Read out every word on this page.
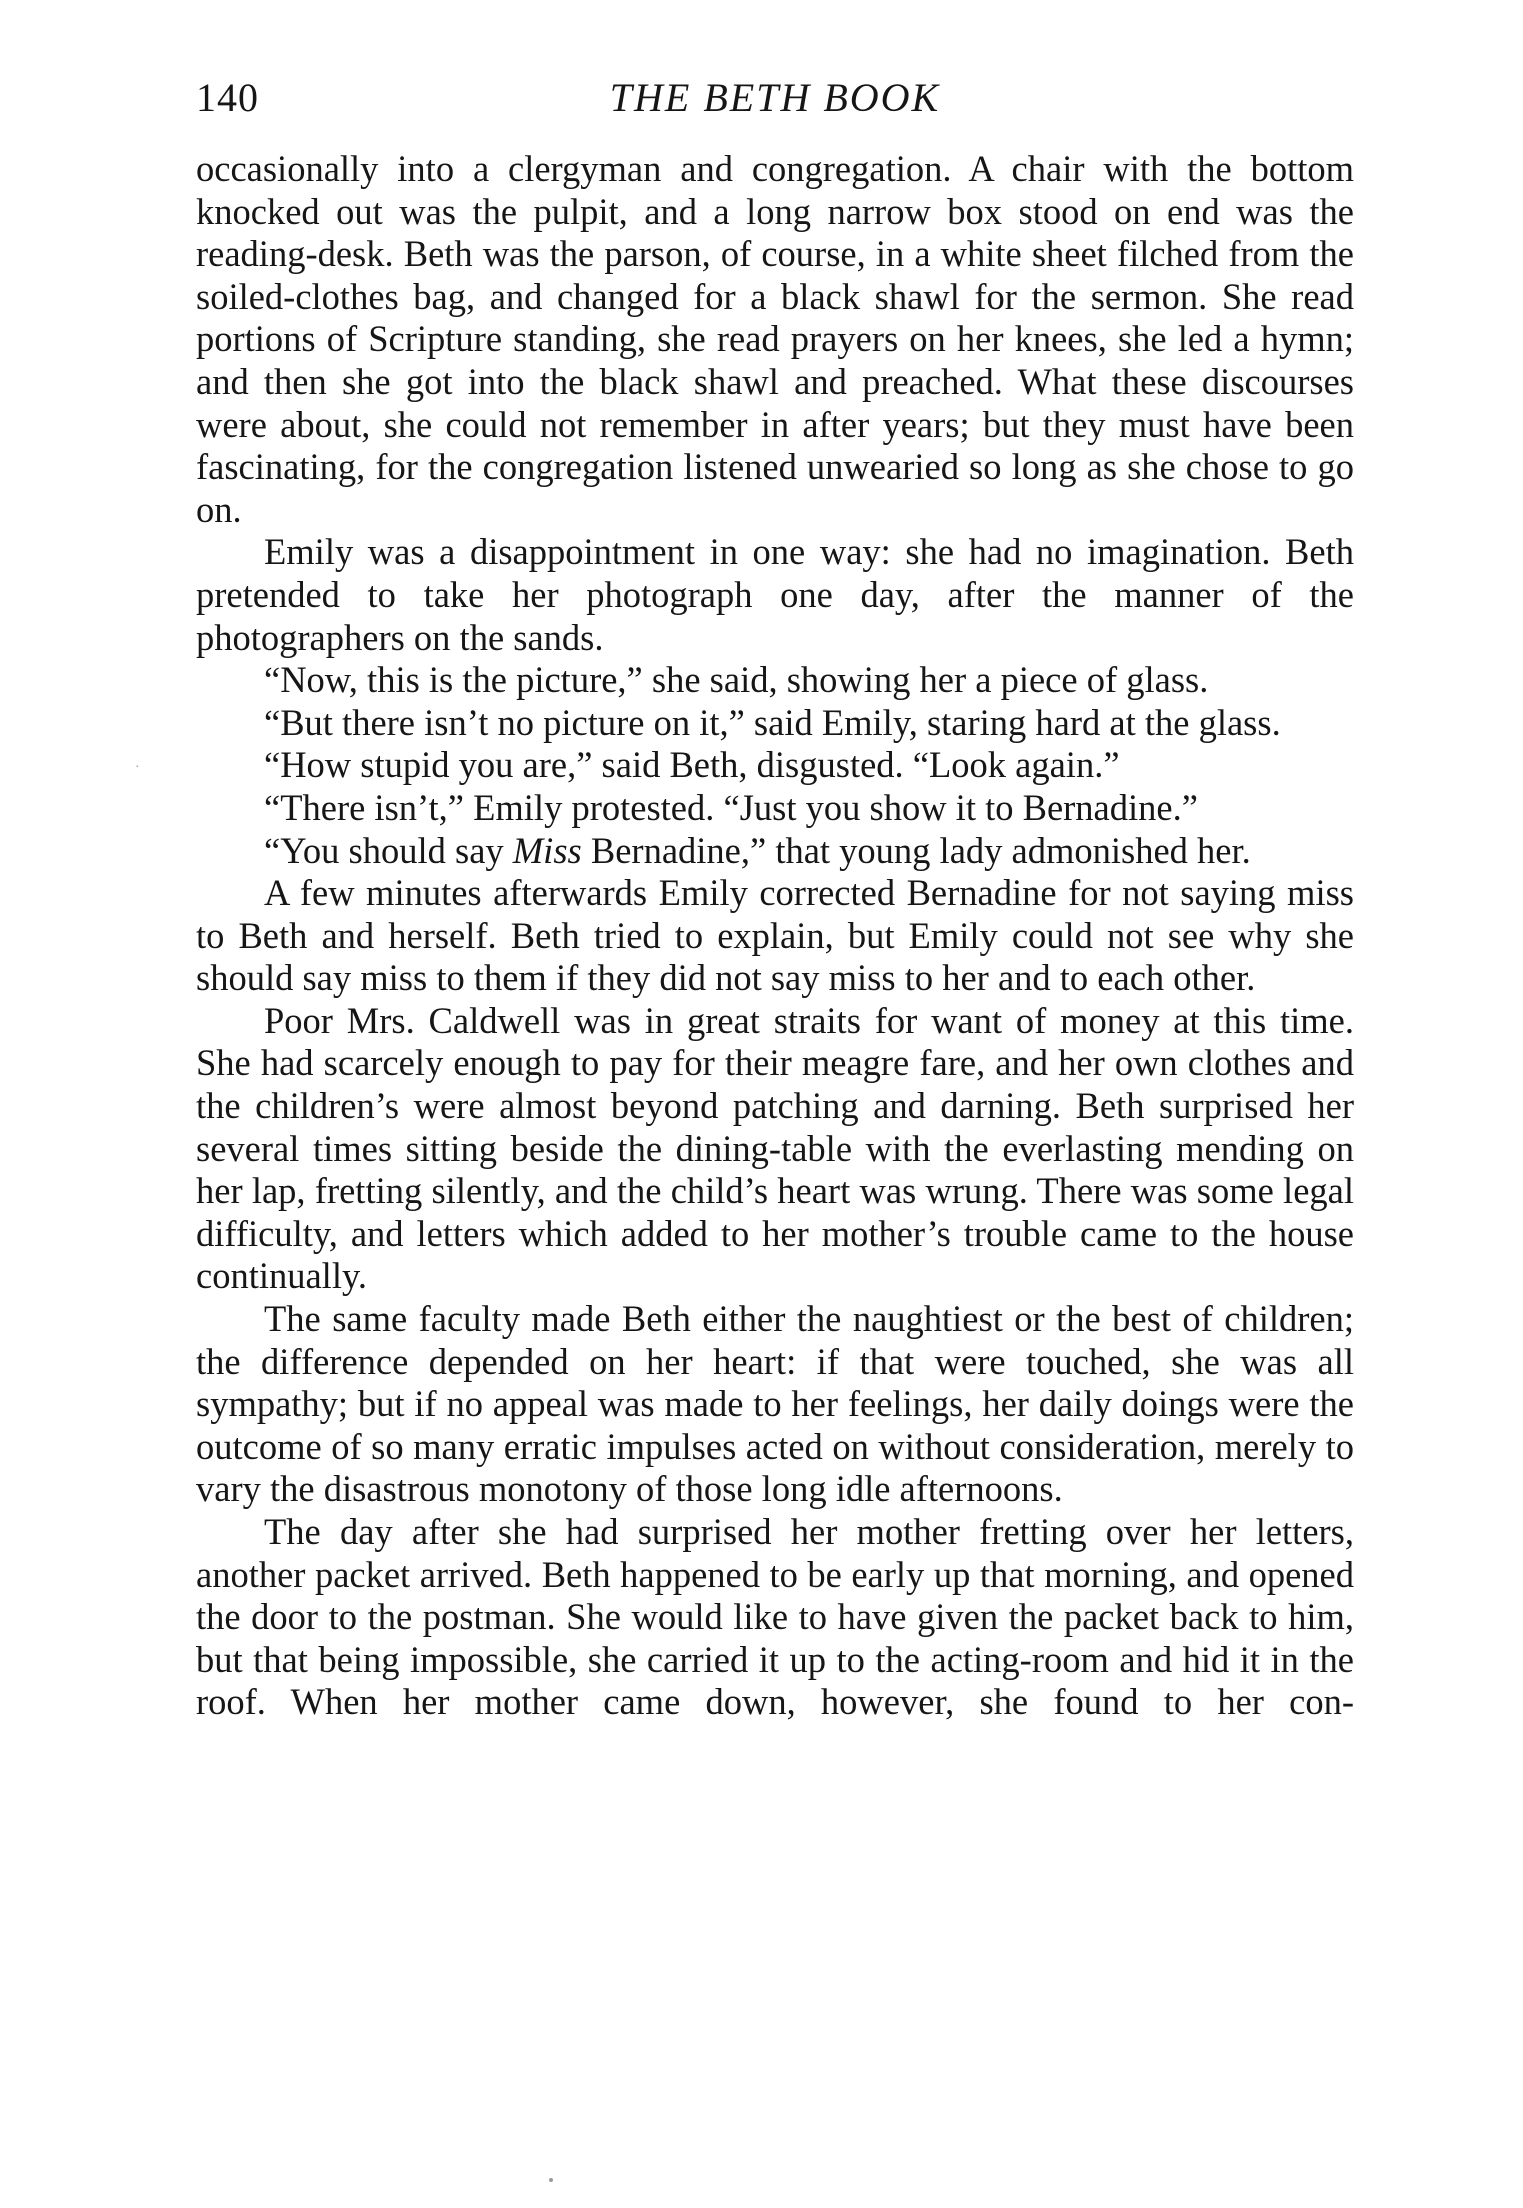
140	THE BETH BOOK

occasionally into a clergyman and congregation. A chair with the bottom knocked out was the pulpit, and a long narrow box stood on end was the reading-desk. Beth was the parson, of course, in a white sheet filched from the soiled-clothes bag, and changed for a black shawl for the sermon. She read portions of Scripture standing, she read prayers on her knees, she led a hymn; and then she got into the black shawl and preached. What these discourses were about, she could not remember in after years; but they must have been fascinating, for the congregation listened unwearied so long as she chose to go on.

Emily was a disappointment in one way: she had no imagination. Beth pretended to take her photograph one day, after the manner of the photographers on the sands.

“Now, this is the picture,” she said, showing her a piece of glass.

“But there isn’t no picture on it,” said Emily, staring hard at the glass.

“How stupid you are,” said Beth, disgusted. “Look again.”

“There isn’t,” Emily protested. “Just you show it to Bernadine.”

“You should say Miss Bernadine,” that young lady admonished her.

A few minutes afterwards Emily corrected Bernadine for not saying miss to Beth and herself. Beth tried to explain, but Emily could not see why she should say miss to them if they did not say miss to her and to each other.

Poor Mrs. Caldwell was in great straits for want of money at this time. She had scarcely enough to pay for their meagre fare, and her own clothes and the children’s were almost beyond patching and darning. Beth surprised her several times sitting beside the dining-table with the everlasting mending on her lap, fretting silently, and the child’s heart was wrung. There was some legal difficulty, and letters which added to her mother’s trouble came to the house continually.

The same faculty made Beth either the naughtiest or the best of children; the difference depended on her heart: if that were touched, she was all sympathy; but if no appeal was made to her feelings, her daily doings were the outcome of so many erratic impulses acted on without consideration, merely to vary the disastrous monotony of those long idle afternoons.

The day after she had surprised her mother fretting over her letters, another packet arrived. Beth happened to be early up that morning, and opened the door to the postman. She would like to have given the packet back to him, but that being impossible, she carried it up to the acting-room and hid it in the roof. When her mother came down, however, she found to her con-

·
